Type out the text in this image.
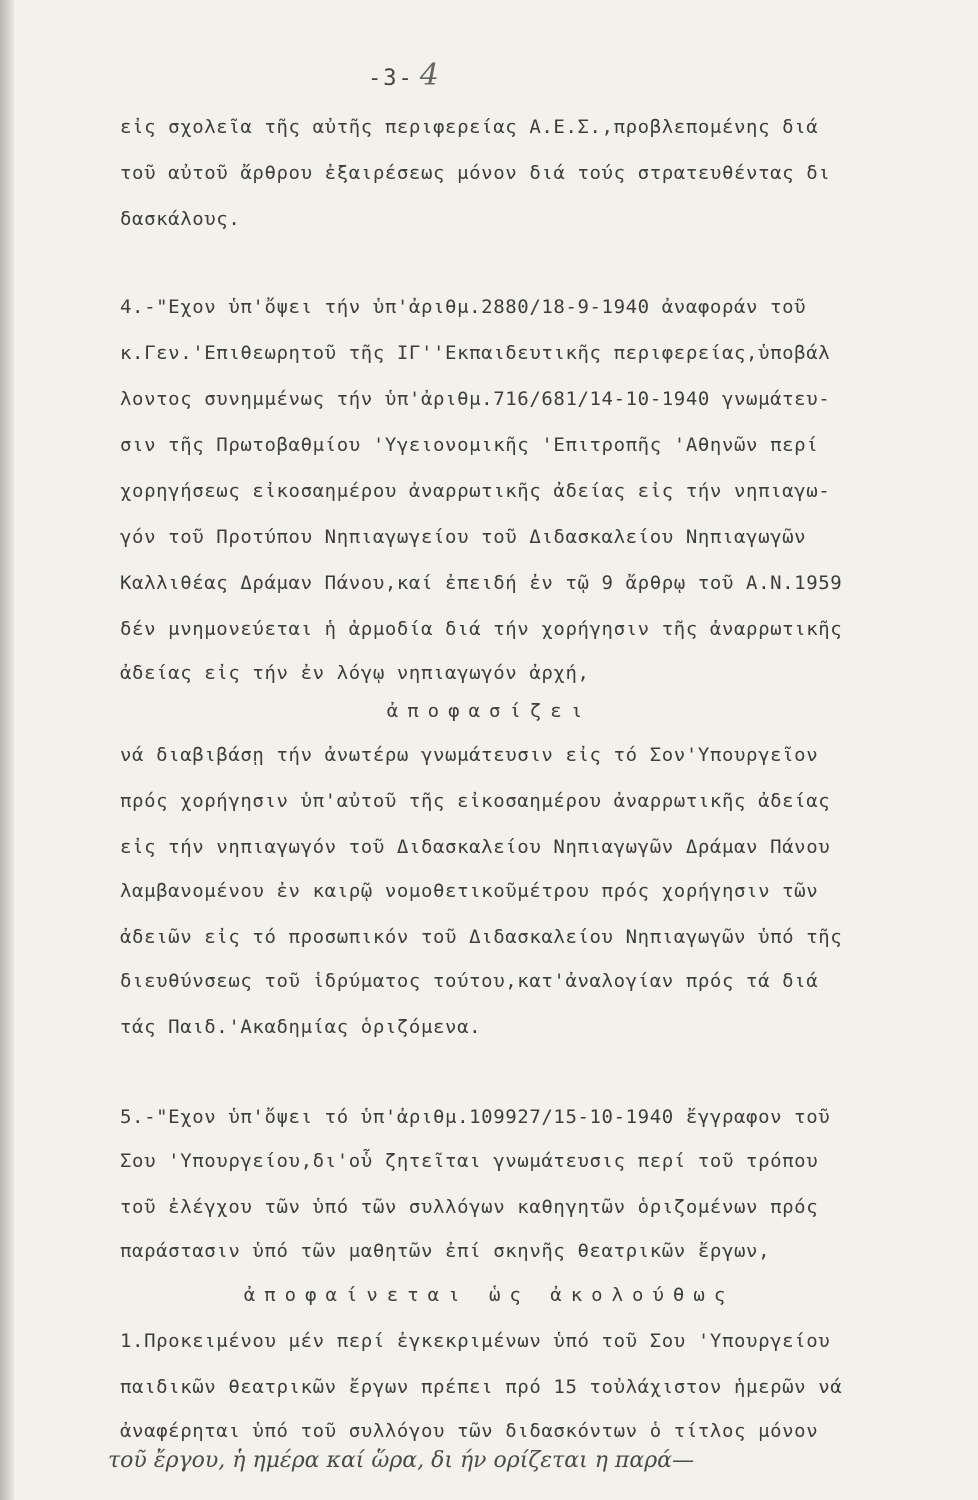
-3- 4
εἰς σχολεῖα τῆς αὐτῆς περιφερείας Α.Ε.Σ.,προβλεπομένης διά
τοῦ αὐτοῦ ἄρθρου ἐξαιρέσεως μόνον διά τούς στρατευθέντας δι
δασκάλους.
4.-"Εχον ὑπ'ὄψει τήν ὑπ'ἀριθμ.2880/18-9-1940 ἀναφοράν τοῦ
κ.Γεν.'Επιθεωρητοῦ τῆς ΙΓ''Εκπαιδευτικῆς περιφερείας,ὑποβάλ
λοντος συνημμένως τήν ὑπ'ἀριθμ.716/681/14-10-1940 γνωμάτευ-
σιν τῆς Πρωτοβαθμίου 'Υγειονομικῆς 'Επιτροπῆς 'Αθηνῶν περί
χορηγήσεως εἰκοσαημέρου ἀναρρωτικῆς ἀδείας εἰς τήν νηπιαγω-
γόν τοῦ Προτύπου Νηπιαγωγείου τοῦ Διδασκαλείου Νηπιαγωγῶν
Καλλιθέας Δράμαν Πάνου,καί ἐπειδή ἐν τῷ 9 ἄρθρῳ τοῦ Α.Ν.1959
δέν μνημονεύεται ἡ ἁρμοδία διά τήν χορήγησιν τῆς ἀναρρωτικῆς
ἀδείας εἰς τήν ἐν λόγῳ νηπιαγωγόν ἀρχή,
ἀποφασίζει
νά διαβιβάσῃ τήν ἀνωτέρω γνωμάτευσιν εἰς τό Σον'Υπουργεῖον
πρός χορήγησιν ὑπ'αὐτοῦ τῆς εἰκοσαημέρου ἀναρρωτικῆς ἀδείας
εἰς τήν νηπιαγωγόν τοῦ Διδασκαλείου Νηπιαγωγῶν Δράμαν Πάνου
λαμβανομένου ἐν καιρῷ νομοθετικοῦμέτρου πρός χορήγησιν τῶν
ἀδειῶν εἰς τό προσωπικόν τοῦ Διδασκαλείου Νηπιαγωγῶν ὑπό τῆς
διευθύνσεως τοῦ ἱδρύματος τούτου,κατ'ἀναλογίαν πρός τά διά
τάς Παιδ.'Ακαδημίας ὁριζόμενα.
5.-"Εχον ὑπ'ὄψει τό ὑπ'ἀριθμ.109927/15-10-1940 ἔγγραφον τοῦ
Σου 'Υπουργείου,δι'οὗ ζητεῖται γνωμάτευσις περί τοῦ τρόπου
τοῦ ἐλέγχου τῶν ὑπό τῶν συλλόγων καθηγητῶν ὁριζομένων πρός
παράστασιν ὑπό τῶν μαθητῶν ἐπί σκηνῆς θεατρικῶν ἔργων,
ἀποφαίνεται ὡς ἀκολούθως
1.Προκειμένου μέν περί ἐγκεκριμένων ὑπό τοῦ Σου 'Υπουργείου
παιδικῶν θεατρικῶν ἔργων πρέπει πρό 15 τοὐλάχιστον ἡμερῶν νά
ἀναφέρηται ὑπό τοῦ συλλόγου τῶν διδασκόντων ὁ τίτλος μόνον
τοῦ ἔργου, ἡ ημέρα καί ὥρα, δι ήν ορίζεται η παρά—
